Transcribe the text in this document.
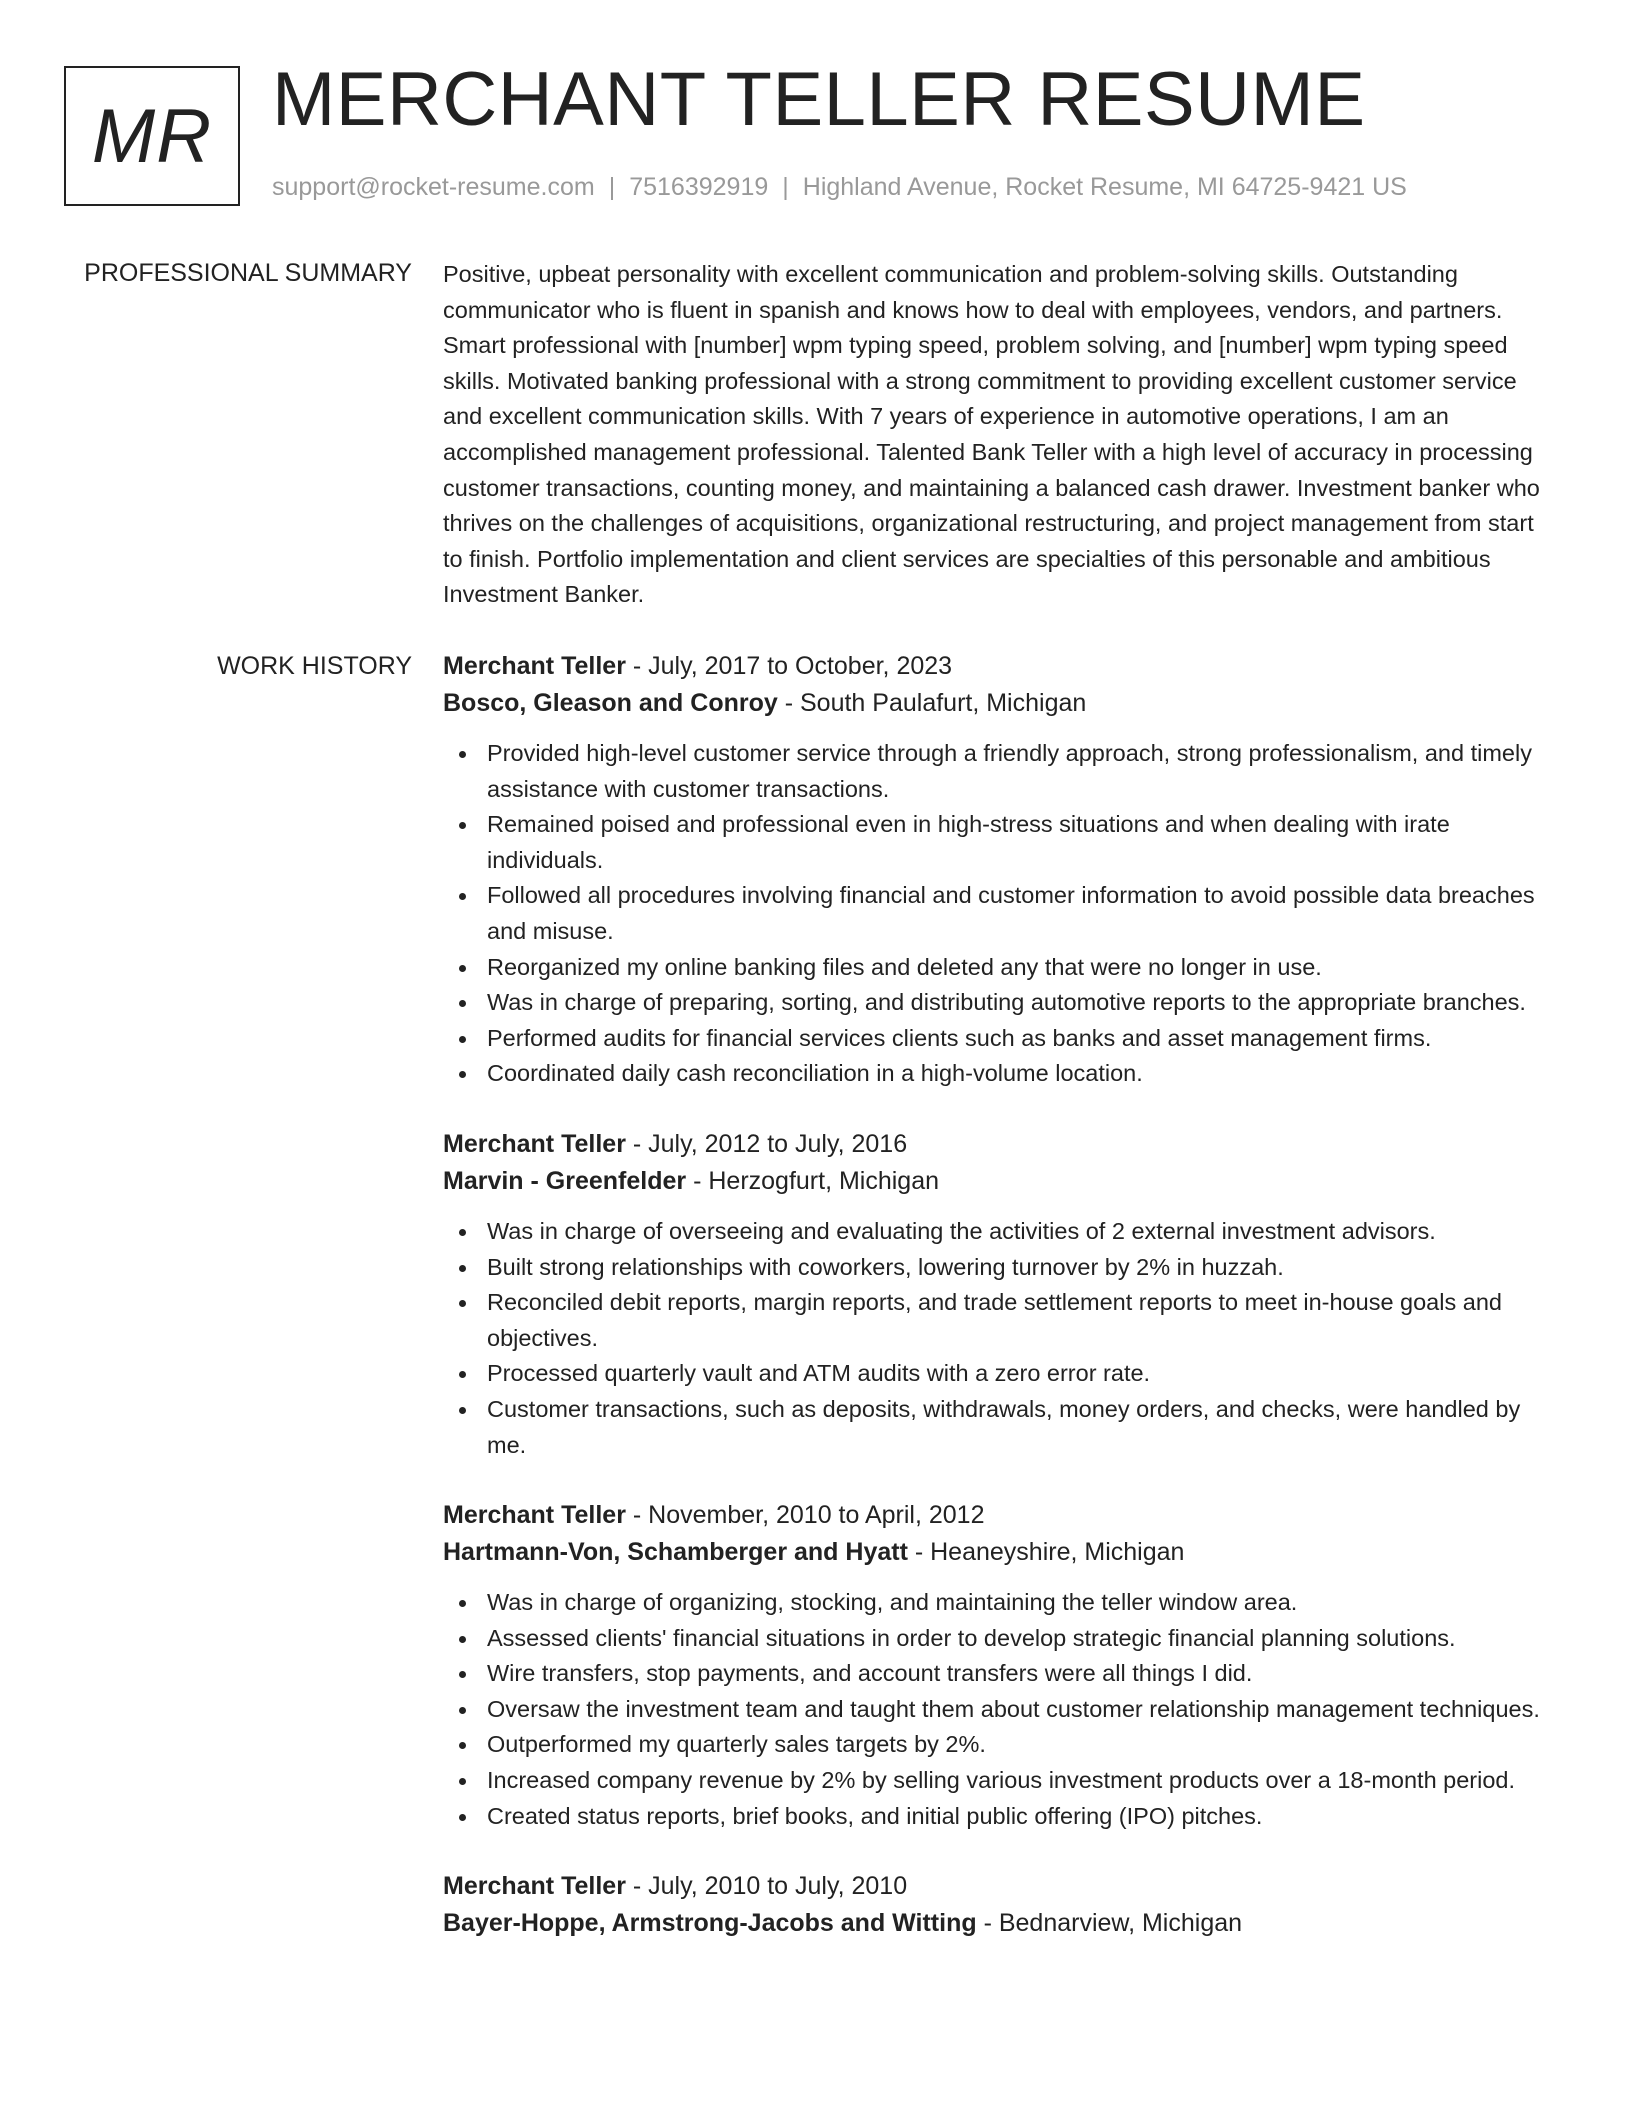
MR MERCHANT TELLER RESUME
support@rocket-resume.com | 7516392919 | Highland Avenue, Rocket Resume, MI 64725-9421 US
PROFESSIONAL SUMMARY Positive, upbeat personality with excellent communication and problem-solving skills. Outstanding communicator who is fluent in spanish and knows how to deal with employees, vendors, and partners. Smart professional with [number] wpm typing speed, problem solving, and [number] wpm typing speed skills. Motivated banking professional with a strong commitment to providing excellent customer service and excellent communication skills. With 7 years of experience in automotive operations, I am an accomplished management professional. Talented Bank Teller with a high level of accuracy in processing customer transactions, counting money, and maintaining a balanced cash drawer. Investment banker who thrives on the challenges of acquisitions, organizational restructuring, and project management from start to finish. Portfolio implementation and client services are specialties of this personable and ambitious Investment Banker.

WORK HISTORY Merchant Teller - July, 2017 to October, 2023

Bosco, Gleason and Conroy - South Paulafurt, Michigan

Provided high-level customer service through a friendly approach, strong professionalism, and timely assistance with customer transactions.
Remained poised and professional even in high-stress situations and when dealing with irate individuals.
Followed all procedures involving financial and customer information to avoid possible data breaches and misuse.
Reorganized my online banking files and deleted any that were no longer in use.
Was in charge of preparing, sorting, and distributing automotive reports to the appropriate branches.
Performed audits for financial services clients such as banks and asset management firms.
Coordinated daily cash reconciliation in a high-volume location.

Merchant Teller - July, 2012 to July, 2016

Marvin - Greenfelder - Herzogfurt, Michigan

Was in charge of overseeing and evaluating the activities of 2 external investment advisors.
Built strong relationships with coworkers, lowering turnover by 2% in huzzah.
Reconciled debit reports, margin reports, and trade settlement reports to meet in-house goals and objectives.
Processed quarterly vault and ATM audits with a zero error rate.
Customer transactions, such as deposits, withdrawals, money orders, and checks, were handled by me.

Merchant Teller - November, 2010 to April, 2012

Hartmann-Von, Schamberger and Hyatt - Heaneyshire, Michigan

Was in charge of organizing, stocking, and maintaining the teller window area.
Assessed clients' financial situations in order to develop strategic financial planning solutions.
Wire transfers, stop payments, and account transfers were all things I did.
Oversaw the investment team and taught them about customer relationship management techniques.
Outperformed my quarterly sales targets by 2%.
Increased company revenue by 2% by selling various investment products over a 18-month period.
Created status reports, brief books, and initial public offering (IPO) pitches.

Merchant Teller - July, 2010 to July, 2010

Bayer-Hoppe, Armstrong-Jacobs and Witting - Bednarview, Michigan
